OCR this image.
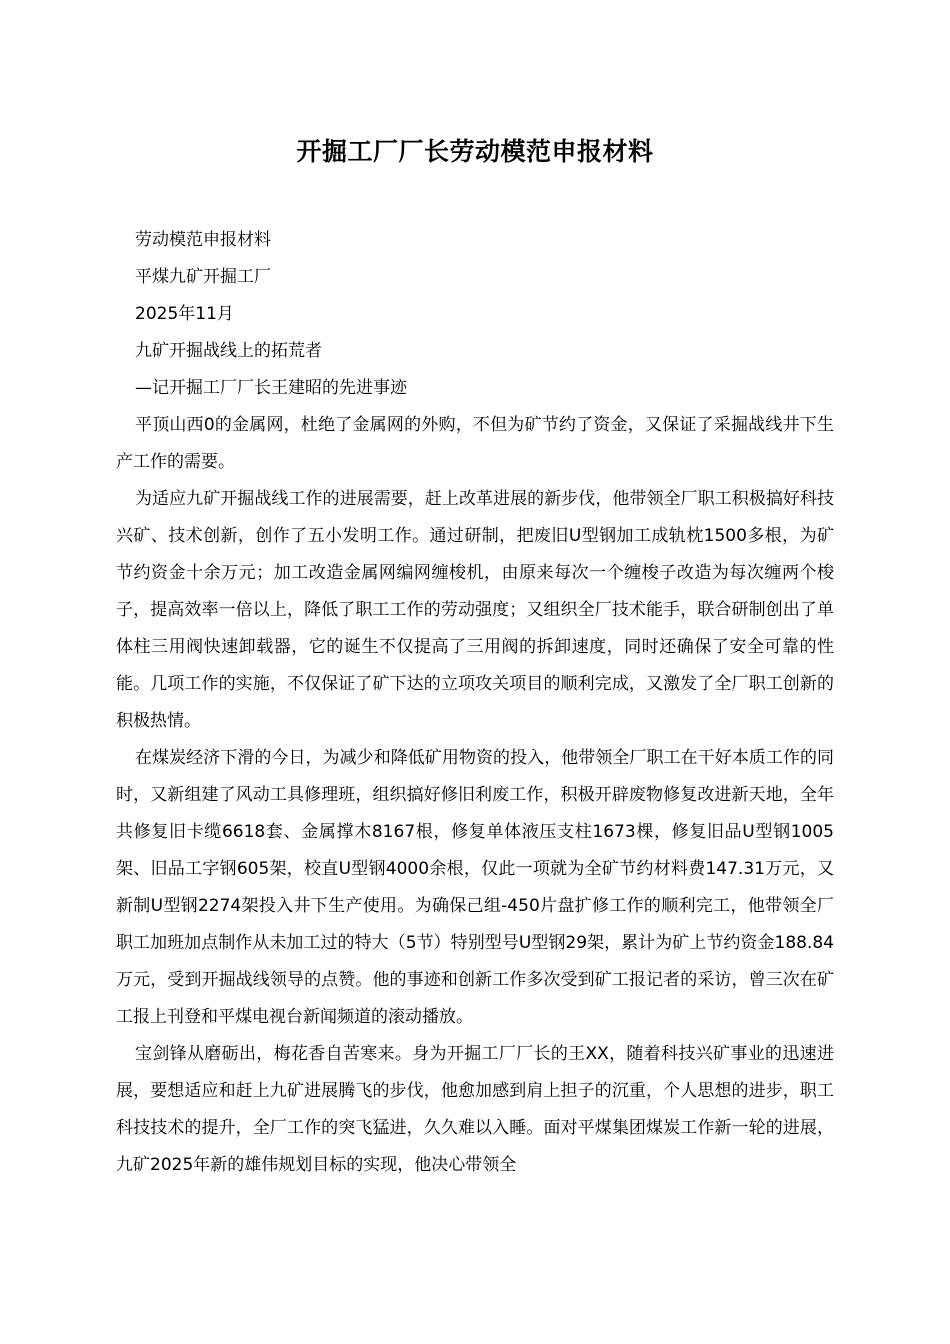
开掘工厂厂长劳动模范申报材料

劳动模范申报材料

平煤九矿开掘工厂

2025年11月

九矿开掘战线上的拓荒者

—记开掘工厂厂长王建昭的先进事迹

平顶山西0的金属网，杜绝了金属网的外购，不但为矿节约了资金，又保证了采掘战线井下生产工作的需要。

为适应九矿开掘战线工作的进展需要，赶上改革进展的新步伐，他带领全厂职工积极搞好科技兴矿、技术创新，创作了五小发明工作。通过研制，把废旧U型钢加工成轨枕1500多根，为矿节约资金十余万元；加工改造金属网编网缠梭机，由原来每次一个缠梭子改造为每次缠两个梭子，提高效率一倍以上，降低了职工工作的劳动强度；又组织全厂技术能手，联合研制创出了单体柱三用阀快速卸载器，它的诞生不仅提高了三用阀的拆卸速度，同时还确保了安全可靠的性能。几项工作的实施，不仅保证了矿下达的立项攻关项目的顺利完成，又激发了全厂职工创新的积极热情。

在煤炭经济下滑的今日，为减少和降低矿用物资的投入，他带领全厂职工在干好本质工作的同时，又新组建了风动工具修理班，组织搞好修旧利废工作，积极开辟废物修复改进新天地，全年共修复旧卡缆6618套、金属撑木8167根，修复单体液压支柱1673棵，修复旧品U型钢1005架、旧品工字钢605架，校直U型钢4000余根，仅此一项就为全矿节约材料费147.31万元，又新制U型钢2274架投入井下生产使用。为确保己组-450片盘扩修工作的顺利完工，他带领全厂职工加班加点制作从未加工过的特大（5节）特别型号U型钢29架，累计为矿上节约资金188.84万元，受到开掘战线领导的点赞。他的事迹和创新工作多次受到矿工报记者的采访，曾三次在矿工报上刊登和平煤电视台新闻频道的滚动播放。

宝剑锋从磨砺出，梅花香自苦寒来。身为开掘工厂厂长的王XX，随着科技兴矿事业的迅速进展，要想适应和赶上九矿进展腾飞的步伐，他愈加感到肩上担子的沉重，个人思想的进步，职工科技技术的提升，全厂工作的突飞猛进，久久难以入睡。面对平煤集团煤炭工作新一轮的进展，九矿2025年新的雄伟规划目标的实现，他决心带领全
